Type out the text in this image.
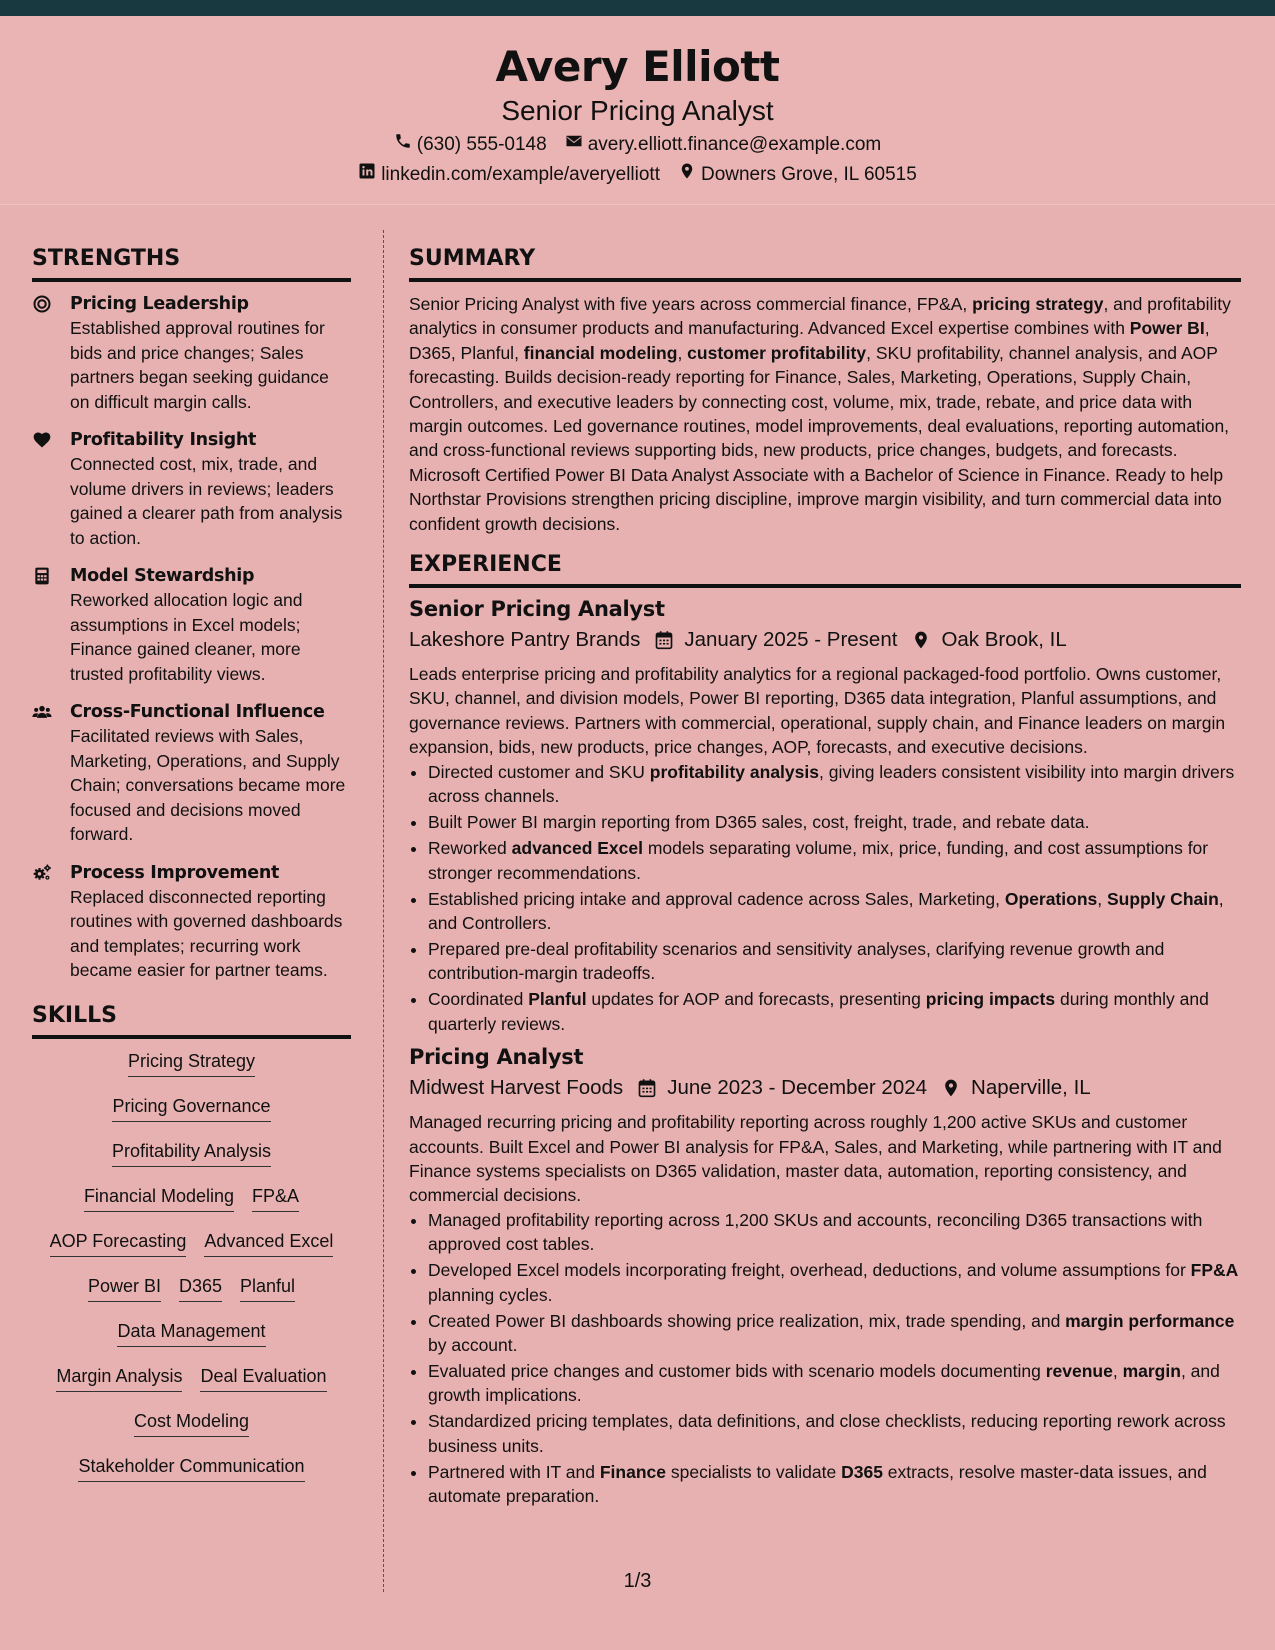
Avery Elliott
Senior Pricing Analyst
(630) 555-0148 avery.elliott.finance@example.com
linkedin.com/example/averyelliott Downers Grove, IL 60515
STRENGTHS
Pricing Leadership
Established approval routines for bids and price changes; Sales partners began seeking guidance on difficult margin calls.
Profitability Insight
Connected cost, mix, trade, and volume drivers in reviews; leaders gained a clearer path from analysis to action.
Model Stewardship
Reworked allocation logic and assumptions in Excel models; Finance gained cleaner, more trusted profitability views.
Cross-Functional Influence
Facilitated reviews with Sales, Marketing, Operations, and Supply Chain; conversations became more focused and decisions moved forward.
Process Improvement
Replaced disconnected reporting routines with governed dashboards and templates; recurring work became easier for partner teams.
SKILLS
Pricing Strategy
Pricing Governance
Profitability Analysis
Financial Modeling FP&A
AOP Forecasting Advanced Excel
Power BI D365 Planful
Data Management
Margin Analysis Deal Evaluation
Cost Modeling
Stakeholder Communication
SUMMARY

Senior Pricing Analyst with five years across commercial finance, FP&A, pricing strategy, and profitability analytics in consumer products and manufacturing. Advanced Excel expertise combines with Power BI, D365, Planful, financial modeling, customer profitability, SKU profitability, channel analysis, and AOP forecasting. Builds decision-ready reporting for Finance, Sales, Marketing, Operations, Supply Chain, Controllers, and executive leaders by connecting cost, volume, mix, trade, rebate, and price data with margin outcomes. Led governance routines, model improvements, deal evaluations, reporting automation, and cross-functional reviews supporting bids, new products, price changes, budgets, and forecasts. Microsoft Certified Power BI Data Analyst Associate with a Bachelor of Science in Finance. Ready to help Northstar Provisions strengthen pricing discipline, improve margin visibility, and turn commercial data into confident growth decisions.

EXPERIENCE
Senior Pricing Analyst
Lakeshore Pantry Brands January 2025 - Present Oak Brook, IL

Leads enterprise pricing and profitability analytics for a regional packaged-food portfolio. Owns customer, SKU, channel, and division models, Power BI reporting, D365 data integration, Planful assumptions, and governance reviews. Partners with commercial, operational, supply chain, and Finance leaders on margin expansion, bids, new products, price changes, AOP, forecasts, and executive decisions.

• Directed customer and SKU profitability analysis, giving leaders consistent visibility into margin drivers across channels.
• Built Power BI margin reporting from D365 sales, cost, freight, trade, and rebate data.
• Reworked advanced Excel models separating volume, mix, price, funding, and cost assumptions for stronger recommendations.
• Established pricing intake and approval cadence across Sales, Marketing, Operations, Supply Chain, and Controllers.
• Prepared pre-deal profitability scenarios and sensitivity analyses, clarifying revenue growth and contribution-margin tradeoffs.
• Coordinated Planful updates for AOP and forecasts, presenting pricing impacts during monthly and quarterly reviews.
Pricing Analyst
Midwest Harvest Foods June 2023 - December 2024 Naperville, IL

Managed recurring pricing and profitability reporting across roughly 1,200 active SKUs and customer accounts. Built Excel and Power BI analysis for FP&A, Sales, and Marketing, while partnering with IT and Finance systems specialists on D365 validation, master data, automation, reporting consistency, and commercial decisions.

• Managed profitability reporting across 1,200 SKUs and accounts, reconciling D365 transactions with approved cost tables.
• Developed Excel models incorporating freight, overhead, deductions, and volume assumptions for FP&A planning cycles.
• Created Power BI dashboards showing price realization, mix, trade spending, and margin performance by account.
• Evaluated price changes and customer bids with scenario models documenting revenue, margin, and growth implications.
• Standardized pricing templates, data definitions, and close checklists, reducing reporting rework across business units.
• Partnered with IT and Finance specialists to validate D365 extracts, resolve master-data issues, and automate preparation.
1/3
